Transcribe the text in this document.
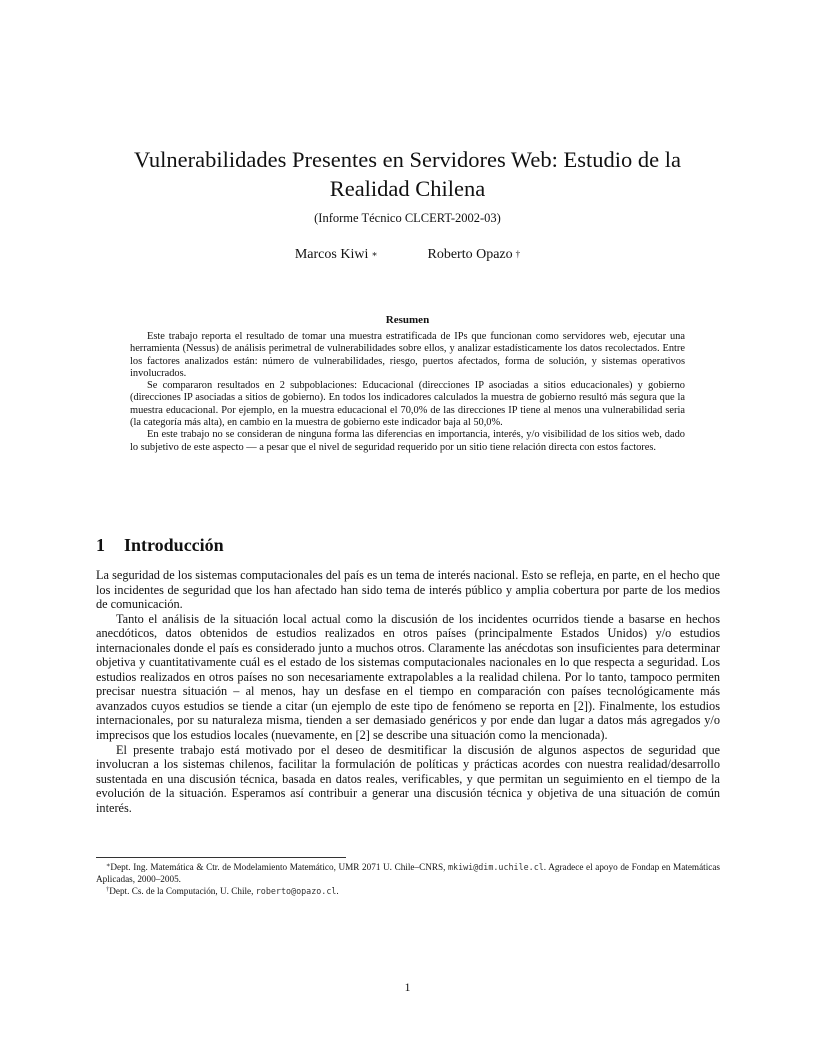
Vulnerabilidades Presentes en Servidores Web: Estudio de la Realidad Chilena
(Informe Técnico CLCERT-2002-03)
Marcos Kiwi ∗	Roberto Opazo †
Resumen

Este trabajo reporta el resultado de tomar una muestra estratificada de IPs que funcionan como servidores web, ejecutar una herramienta (Nessus) de análisis perimetral de vulnerabilidades sobre ellos, y analizar estadísticamente los datos recolectados. Entre los factores analizados están: número de vulnerabilidades, riesgo, puertos afectados, forma de solución, y sistemas operativos involucrados.

Se compararon resultados en 2 subpoblaciones: Educacional (direcciones IP asociadas a sitios educacionales) y gobierno (direcciones IP asociadas a sitios de gobierno). En todos los indicadores calculados la muestra de gobierno resultó más segura que la muestra educacional. Por ejemplo, en la muestra educacional el 70,0% de las direcciones IP tiene al menos una vulnerabilidad seria (la categoría más alta), en cambio en la muestra de gobierno este indicador baja al 50,0%.

En este trabajo no se consideran de ninguna forma las diferencias en importancia, interés, y/o visibilidad de los sitios web, dado lo subjetivo de este aspecto — a pesar que el nivel de seguridad requerido por un sitio tiene relación directa con estos factores.

1 Introducción

La seguridad de los sistemas computacionales del país es un tema de interés nacional. Esto se refleja, en parte, en el hecho que los incidentes de seguridad que los han afectado han sido tema de interés público y amplia cobertura por parte de los medios de comunicación.

Tanto el análisis de la situación local actual como la discusión de los incidentes ocurridos tiende a basarse en hechos anecdóticos, datos obtenidos de estudios realizados en otros países (principalmente Estados Unidos) y/o estudios internacionales donde el país es considerado junto a muchos otros. Claramente las anécdotas son insuficientes para determinar objetiva y cuantitativamente cuál es el estado de los sistemas computacionales nacionales en lo que respecta a seguridad. Los estudios realizados en otros países no son necesariamente extrapolables a la realidad chilena. Por lo tanto, tampoco permiten precisar nuestra situación – al menos, hay un desfase en el tiempo en comparación con países tecnológicamente más avanzados cuyos estudios se tiende a citar (un ejemplo de este tipo de fenómeno se reporta en [2]). Finalmente, los estudios internacionales, por su naturaleza misma, tienden a ser demasiado genéricos y por ende dan lugar a datos más agregados y/o imprecisos que los estudios locales (nuevamente, en [2] se describe una situación como la mencionada).

El presente trabajo está motivado por el deseo de desmitificar la discusión de algunos aspectos de seguridad que involucran a los sistemas chilenos, facilitar la formulación de políticas y prácticas acordes con nuestra realidad/desarrollo sustentada en una discusión técnica, basada en datos reales, verificables, y que permitan un seguimiento en el tiempo de la evolución de la situación. Esperamos así contribuir a generar una discusión técnica y objetiva de una situación de común interés.

∗Dept. Ing. Matemática & Ctr. de Modelamiento Matemático, UMR 2071 U. Chile–CNRS, mkiwi@dim.uchile.cl. Agradece el apoyo de Fondap en Matemáticas Aplicadas, 2000–2005.

†Dept. Cs. de la Computación, U. Chile, roberto@opazo.cl.

1
